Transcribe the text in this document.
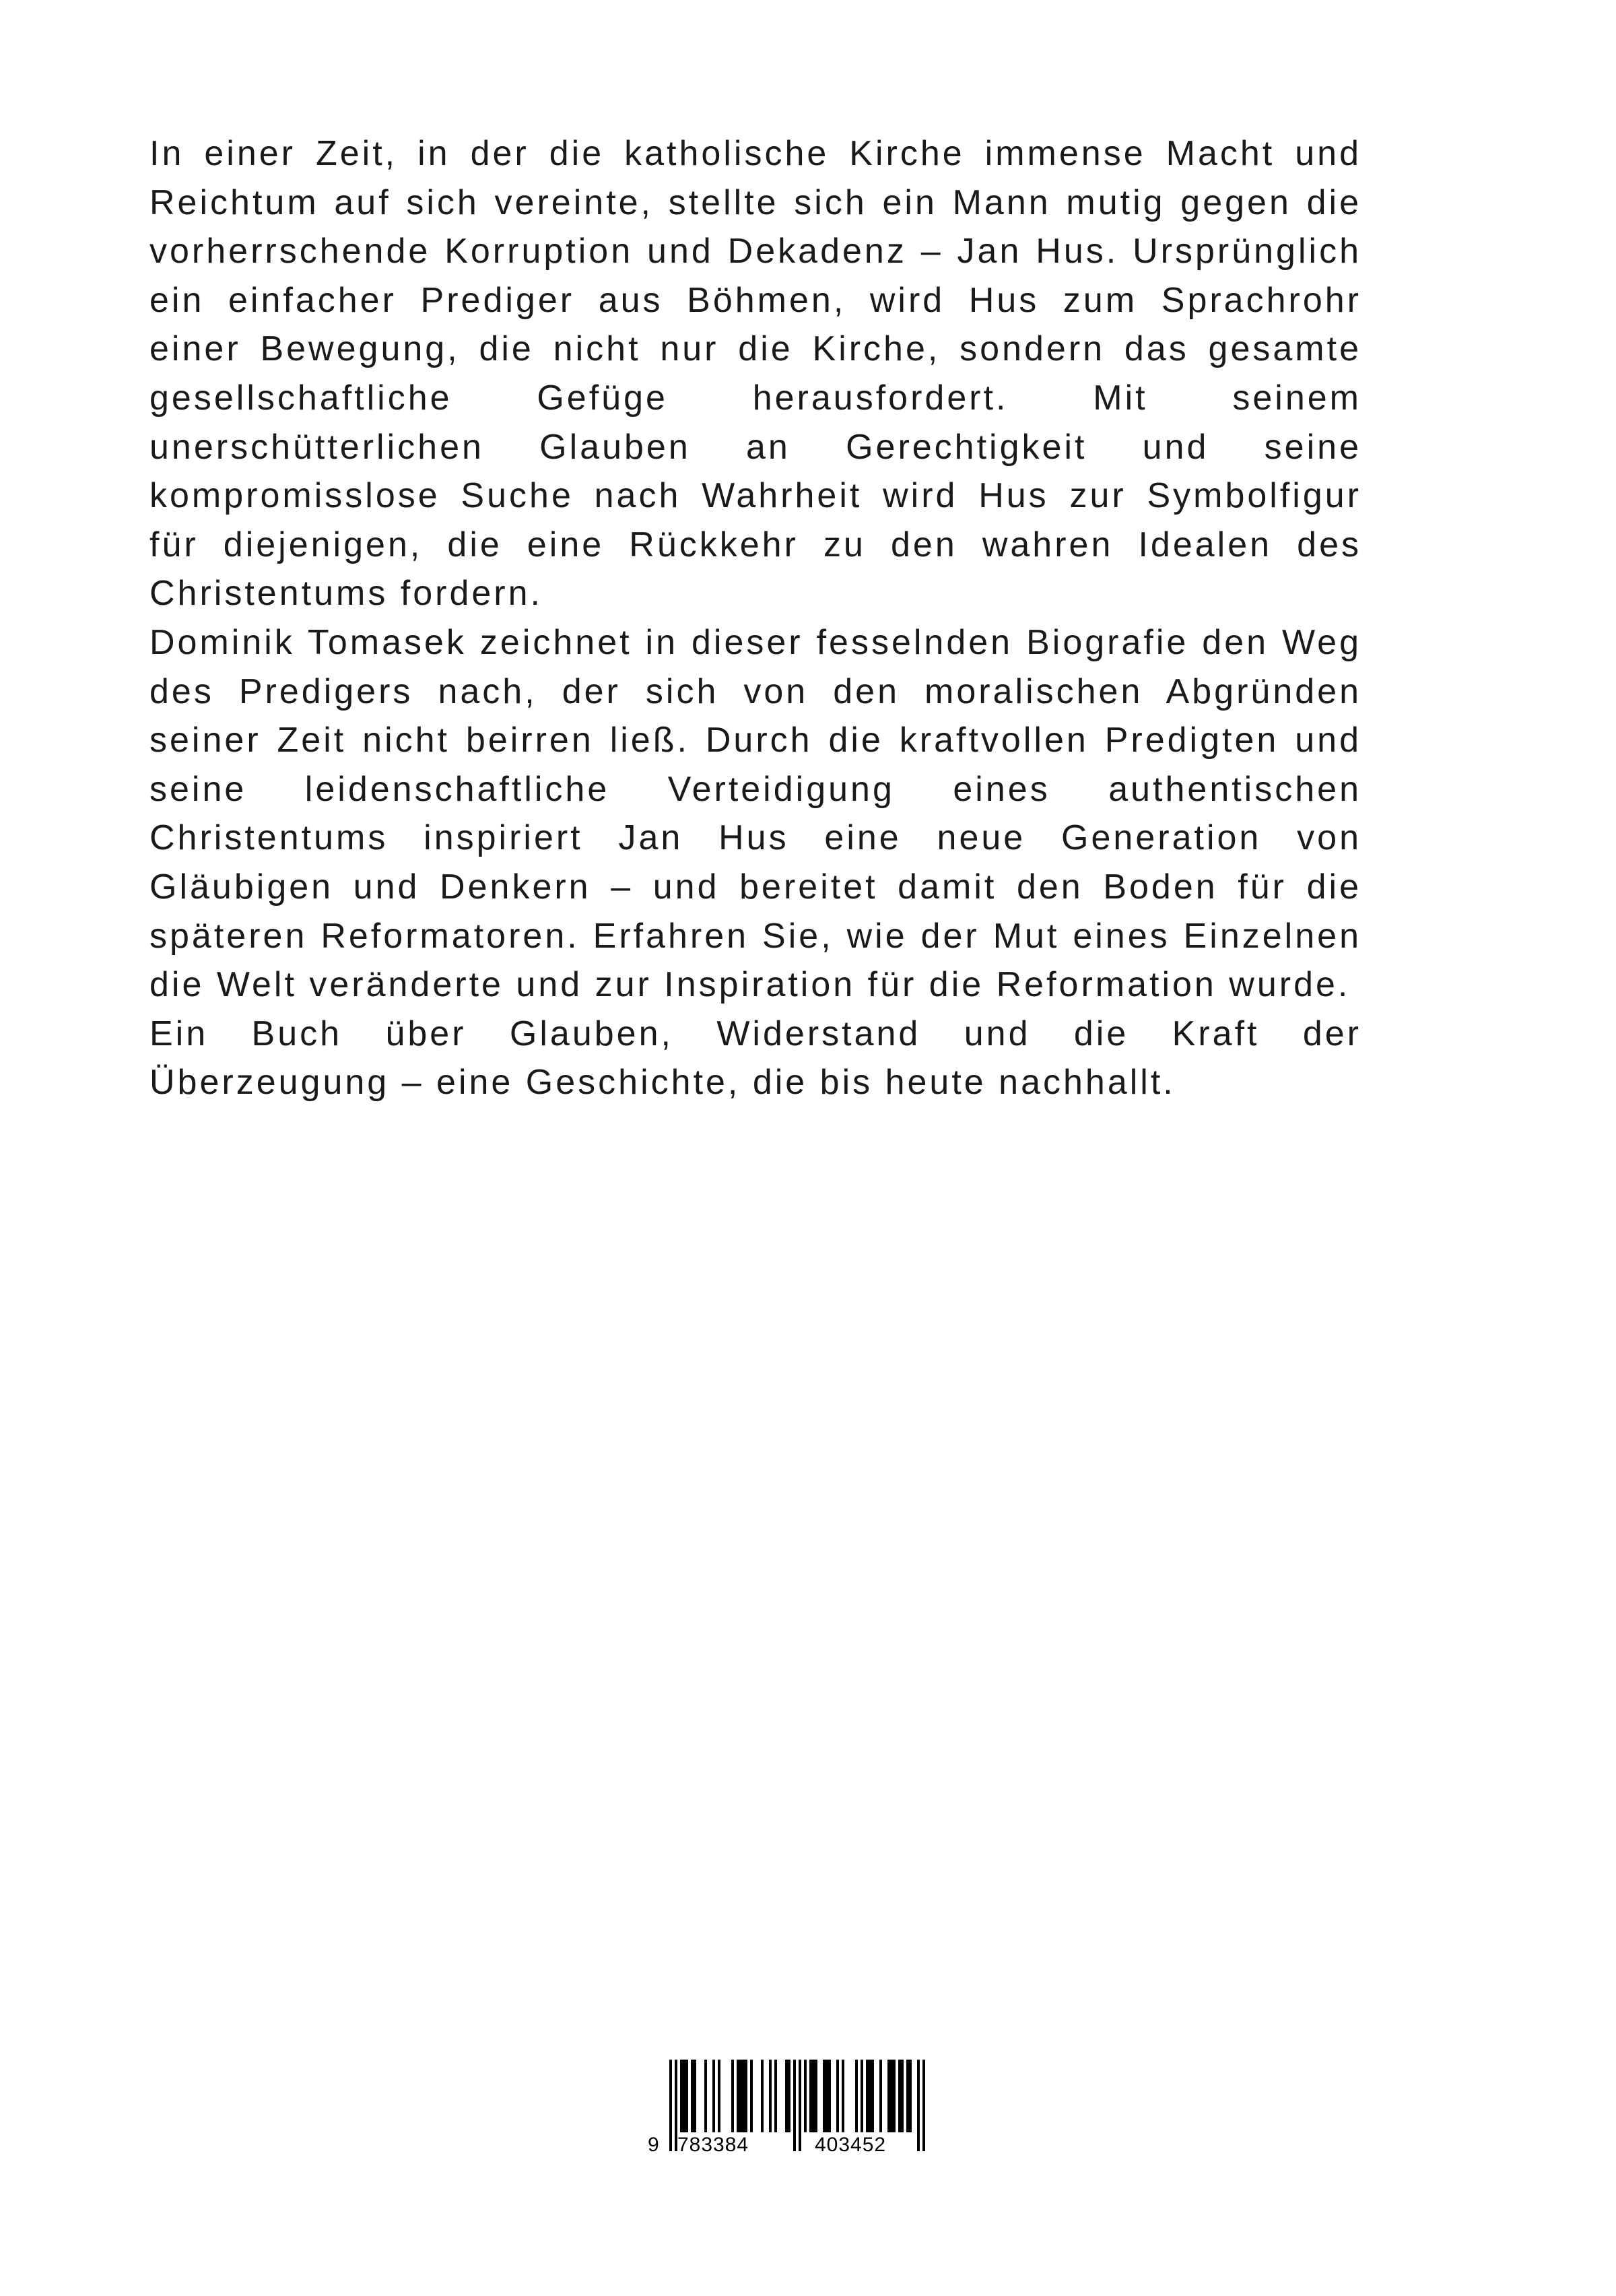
In einer Zeit, in der die katholische Kirche immense Macht und Reichtum auf sich vereinte, stellte sich ein Mann mutig gegen die vorherrschende Korruption und Dekadenz – Jan Hus. Ursprünglich ein einfacher Prediger aus Böhmen, wird Hus zum Sprachrohr einer Bewegung, die nicht nur die Kirche, sondern das gesamte gesellschaftliche Gefüge herausfordert. Mit seinem unerschütterlichen Glauben an Gerechtigkeit und seine kompromisslose Suche nach Wahrheit wird Hus zur Symbolfigur für diejenigen, die eine Rückkehr zu den wahren Idealen des Christentums fordern.

Dominik Tomasek zeichnet in dieser fesselnden Biografie den Weg des Predigers nach, der sich von den moralischen Abgründen seiner Zeit nicht beirren ließ. Durch die kraftvollen Predigten und seine leidenschaftliche Verteidigung eines authentischen Christentums inspiriert Jan Hus eine neue Generation von Gläubigen und Denkern – und bereitet damit den Boden für die späteren Reformatoren. Erfahren Sie, wie der Mut eines Einzelnen die Welt veränderte und zur Inspiration für die Reformation wurde.

Ein Buch über Glauben, Widerstand und die Kraft der Überzeugung – eine Geschichte, die bis heute nachhallt.

9 783384	403452
